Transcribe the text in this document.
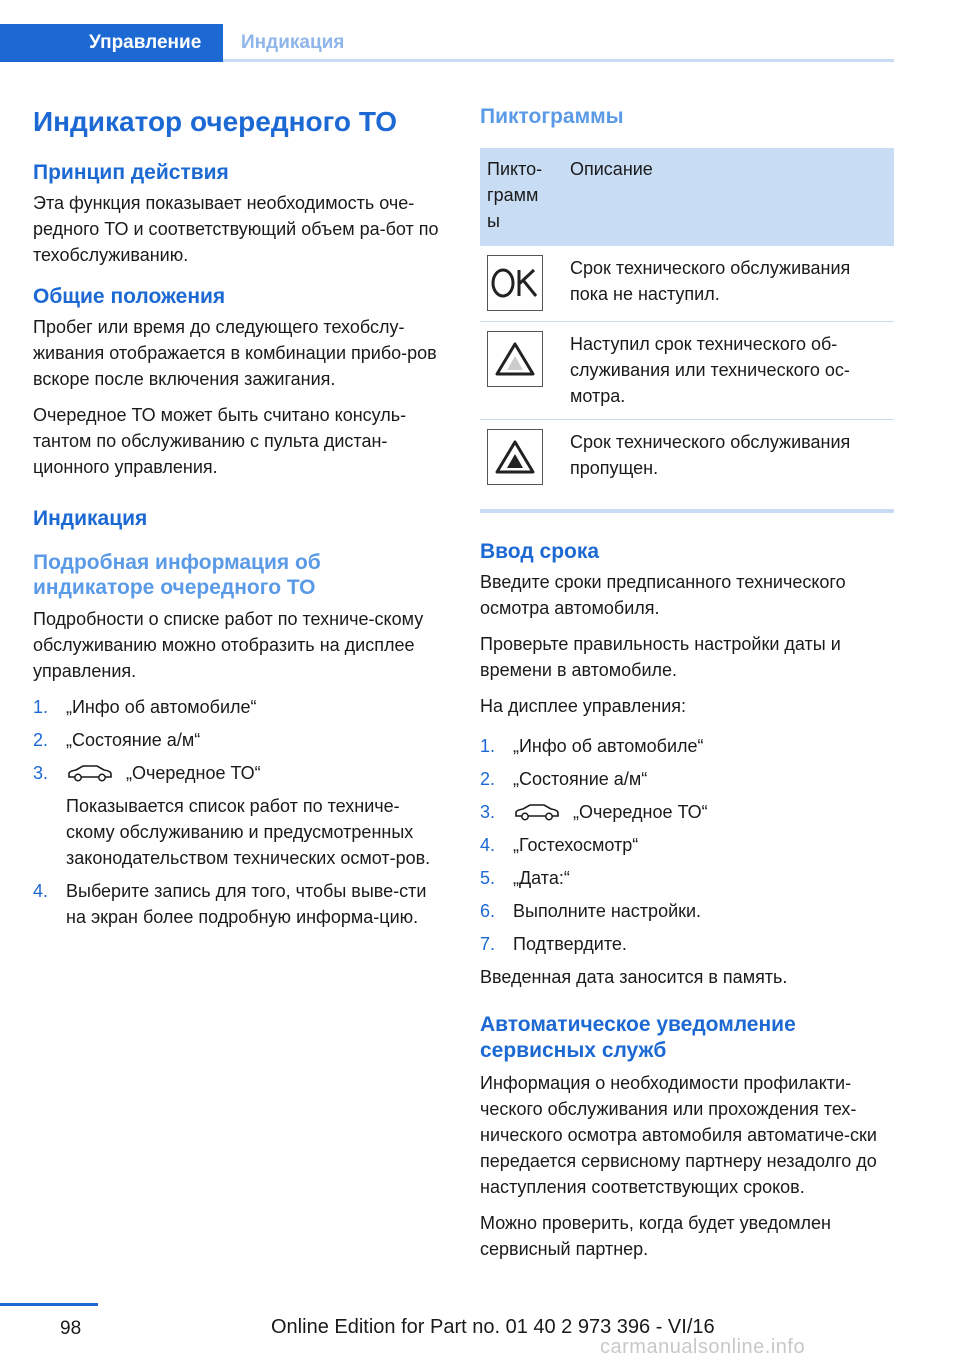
Управление	Индикация
Индикатор очередного ТО
Принцип действия

Эта функция показывает необходимость оче-редного ТО и соответствующий объем ра-бот по техобслуживанию.

Общие положения

Пробег или время до следующего техобслу-живания отображается в комбинации прибо-ров вскоре после включения зажигания.

Очередное ТО может быть считано консуль-тантом по обслуживанию с пульта дистан-ционного управления.

Индикация
Подробная информация об индикаторе очередного ТО

Подробности о списке работ по техниче-скому обслуживанию можно отобразить на дисплее управления.

1. „Инфо об автомобиле“
2. „Состояние а/м“
3.	„Очередное ТО“
Показывается список работ по техниче-скому обслуживанию и предусмотренных законодательством технических осмот-ров.
4. Выберите запись для того, чтобы выве-сти на экран более подробную информа-цию.
Пиктограммы
Пикто-грамм ы	Описание

	Срок технического обслуживания пока не наступил.

	Наступил срок технического об-служивания или технического ос-мотра.

	Срок технического обслуживания пропущен.
Ввод срока

Введите сроки предписанного технического осмотра автомобиля.

Проверьте правильность настройки даты и времени в автомобиле.

На дисплее управления:

1. „Инфо об автомобиле“
2. „Состояние а/м“
3.	„Очередное ТО“
4. „Гостехосмотр“
5. „Дата:“
6. Выполните настройки.
7. Подтвердите.

Введенная дата заносится в память.

Автоматическое уведомление сервисных служб

Информация о необходимости профилакти-ческого обслуживания или прохождения тех-нического осмотра автомобиля автоматиче-ски передается сервисному партнеру незадолго до наступления соответствующих сроков.

Можно проверить, когда будет уведомлен сервисный партнер.

98	Online Edition for Part no. 01 40 2 973 396 - VI/16
carmanualsonline.info
